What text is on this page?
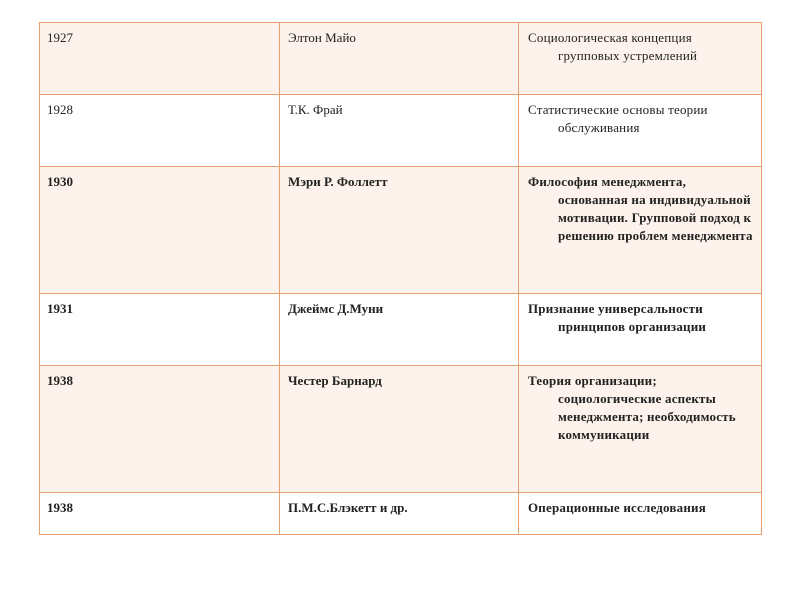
1927	Элтон Майо	Социологическая концепция групповых устремлений

1928	Т.К. Фрай	Статистические основы теории обслуживания

1930	Мэри Р. Фоллетт	Философия менеджмента, основанная на индивидуальной мотивации. Групповой подход к решению проблем менеджмента

1931	Джеймс Д.Муни	Признание универсальности принципов организации

1938	Честер Барнард	Теория организации; социологические аспекты менеджмента; необходимость коммуникации

1938	П.М.С.Блэкетт и др.	Операционные исследования
